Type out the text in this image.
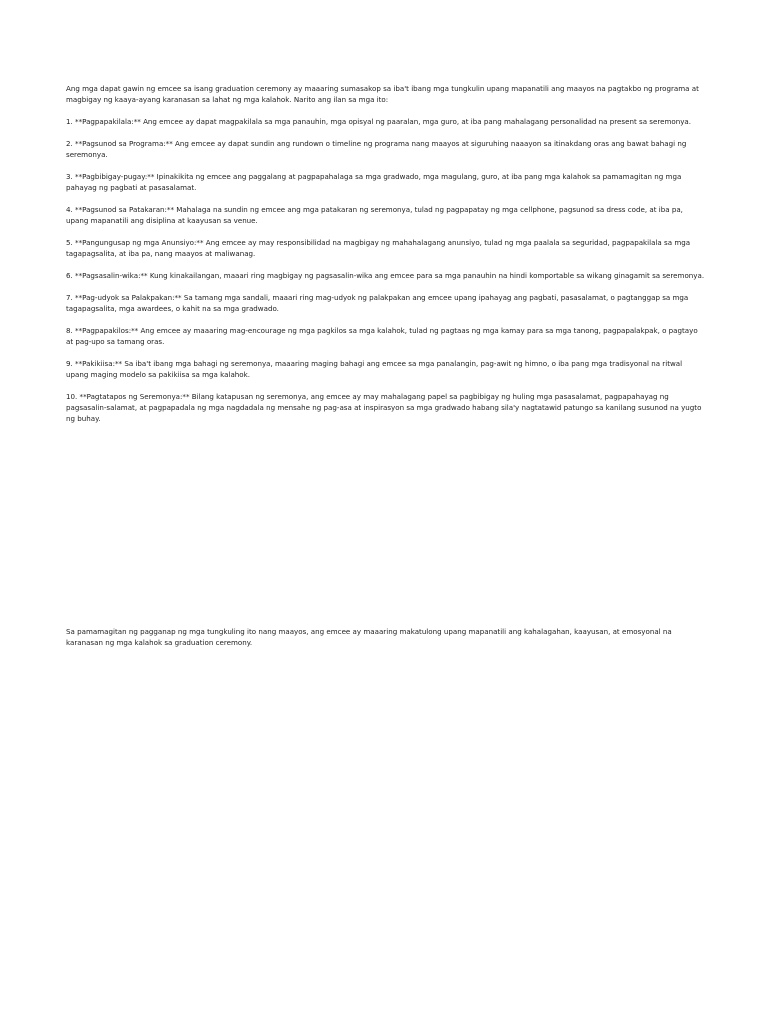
Ang mga dapat gawin ng emcee sa isang graduation ceremony ay maaaring sumasakop sa iba't ibang mga tungkulin upang mapanatili ang maayos na pagtakbo ng programa at magbigay ng kaaya-ayang karanasan sa lahat ng mga kalahok. Narito ang ilan sa mga ito:

1. **Pagpapakilala:** Ang emcee ay dapat magpakilala sa mga panauhin, mga opisyal ng paaralan, mga guro, at iba pang mahalagang personalidad na present sa seremonya.

2. **Pagsunod sa Programa:** Ang emcee ay dapat sundin ang rundown o timeline ng programa nang maayos at siguruhing naaayon sa itinakdang oras ang bawat bahagi ng seremonya.

3. **Pagbibigay-pugay:** Ipinakikita ng emcee ang paggalang at pagpapahalaga sa mga gradwado, mga magulang, guro, at iba pang mga kalahok sa pamamagitan ng mga pahayag ng pagbati at pasasalamat.

4. **Pagsunod sa Patakaran:** Mahalaga na sundin ng emcee ang mga patakaran ng seremonya, tulad ng pagpapatay ng mga cellphone, pagsunod sa dress code, at iba pa, upang mapanatili ang disiplina at kaayusan sa venue.

5. **Pangungusap ng mga Anunsiyo:** Ang emcee ay may responsibilidad na magbigay ng mahahalagang anunsiyo, tulad ng mga paalala sa seguridad, pagpapakilala sa mga tagapagsalita, at iba pa, nang maayos at maliwanag.

6. **Pagsasalin-wika:** Kung kinakailangan, maaari ring magbigay ng pagsasalin-wika ang emcee para sa mga panauhin na hindi komportable sa wikang ginagamit sa seremonya.

7. **Pag-udyok sa Palakpakan:** Sa tamang mga sandali, maaari ring mag-udyok ng palakpakan ang emcee upang ipahayag ang pagbati, pasasalamat, o pagtanggap sa mga tagapagsalita, mga awardees, o kahit na sa mga gradwado.

8. **Pagpapakilos:** Ang emcee ay maaaring mag-encourage ng mga pagkilos sa mga kalahok, tulad ng pagtaas ng mga kamay para sa mga tanong, pagpapalakpak, o pagtayo at pag-upo sa tamang oras.

9. **Pakikiisa:** Sa iba't ibang mga bahagi ng seremonya, maaaring maging bahagi ang emcee sa mga panalangin, pag-awit ng himno, o iba pang mga tradisyonal na ritwal upang maging modelo sa pakikiisa sa mga kalahok.

10. **Pagtatapos ng Seremonya:** Bilang katapusan ng seremonya, ang emcee ay may mahalagang papel sa pagbibigay ng huling mga pasasalamat, pagpapahayag ng pagsasalin-salamat, at pagpapadala ng mga nagdadala ng mensahe ng pag-asa at inspirasyon sa mga gradwado habang sila'y nagtatawid patungo sa kanilang susunod na yugto ng buhay.

Sa pamamagitan ng pagganap ng mga tungkuling ito nang maayos, ang emcee ay maaaring makatulong upang mapanatili ang kahalagahan, kaayusan, at emosyonal na karanasan ng mga kalahok sa graduation ceremony.
